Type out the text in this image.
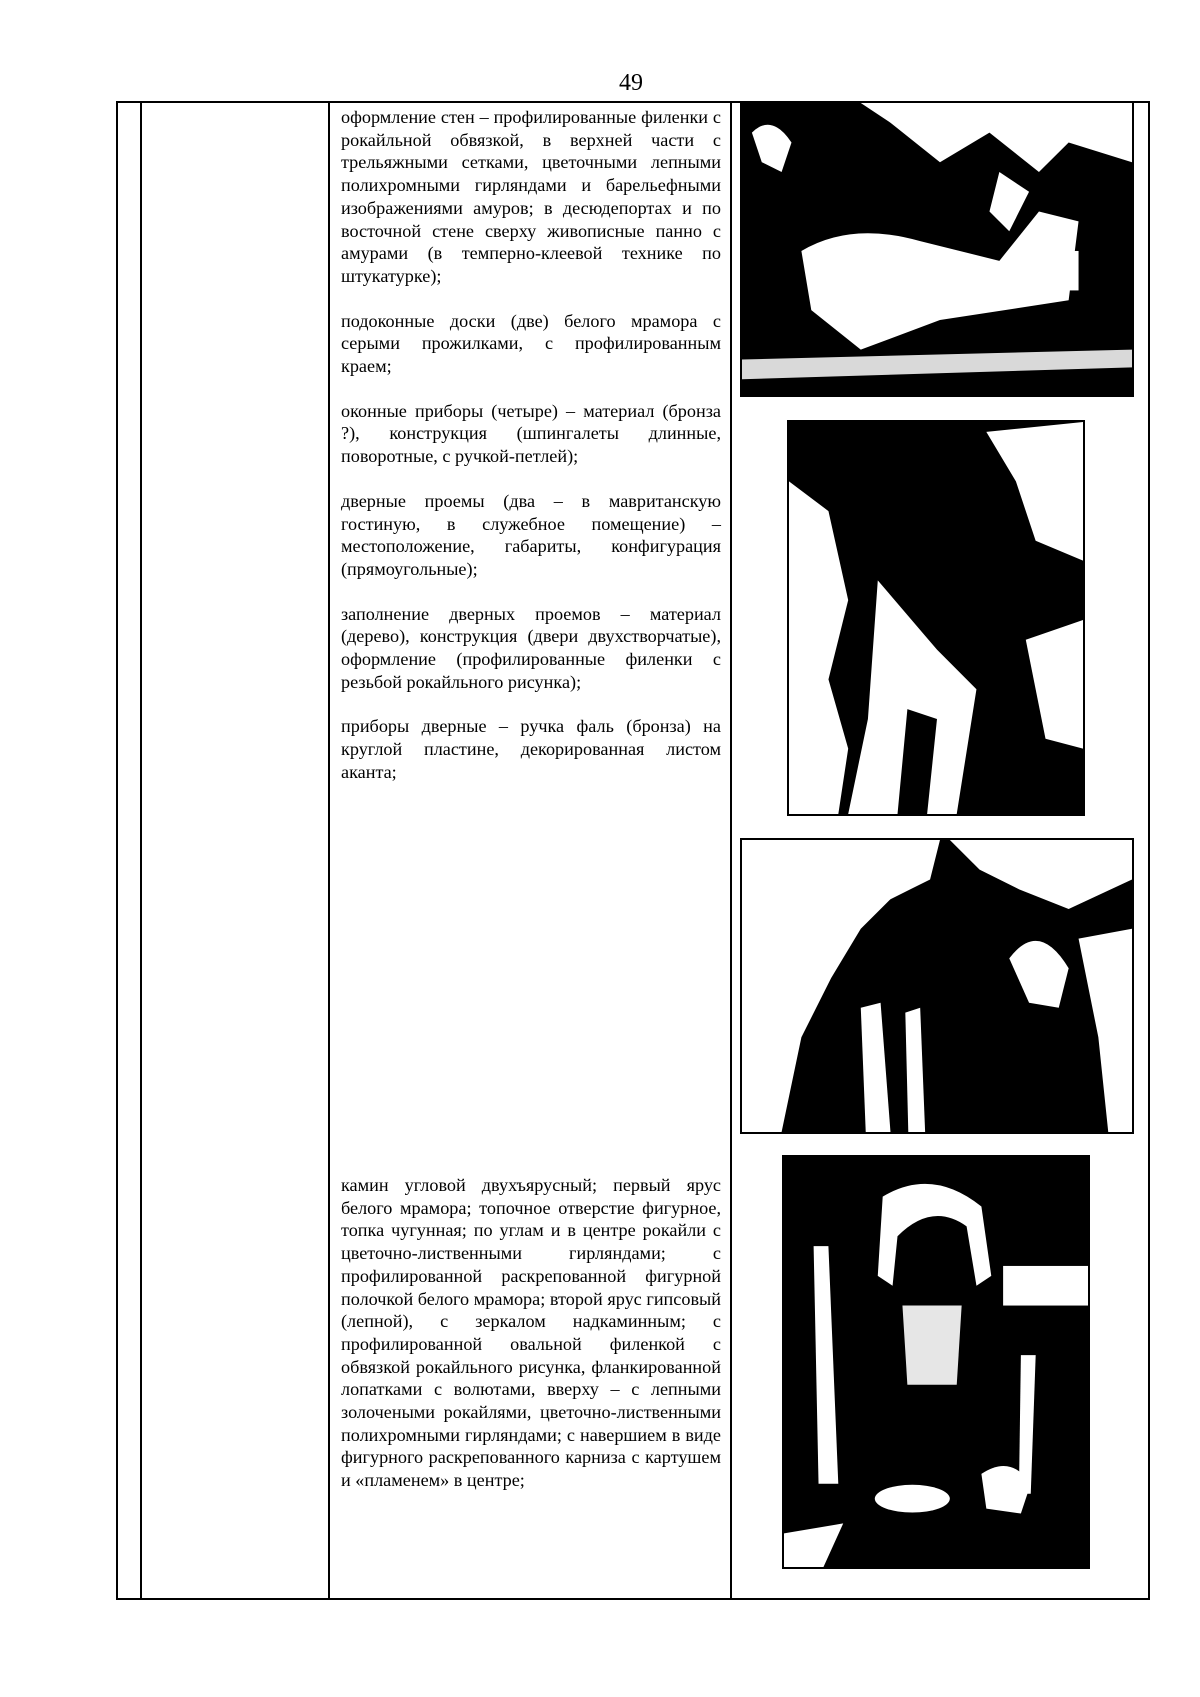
49

оформление стен – профилированные филенки с рокайльной обвязкой, в верхней части с трельяжными сетками, цветочными лепными полихромными гирляндами и барельефными изображениями амуров; в десюдепортах и по восточной стене сверху живописные панно с амурами (в темперно-клеевой технике по штукатурке);

подоконные доски (две) белого мрамора с серыми прожилками, с профилированным краем;

оконные приборы (четыре) – материал (бронза ?), конструкция (шпингалеты длинные, поворотные, с ручкой-петлей);

дверные проемы (два – в мавританскую гостиную, в служебное помещение) – местоположение, габариты, конфигурация (прямоугольные);

заполнение дверных проемов – материал (дерево), конструкция (двери двухстворчатые), оформление (профилированные филенки с резьбой рокайльного рисунка);

приборы дверные – ручка фаль (бронза) на круглой пластине, декорированная листом аканта;

камин угловой двухъярусный; первый ярус белого мрамора; топочное отверстие фигурное, топка чугунная; по углам и в центре рокайли с цветочно-лиственными гирляндами; с профилированной раскрепованной фигурной полочкой белого мрамора; второй ярус гипсовый (лепной), с зеркалом надкаминным; с профилированной овальной филенкой с обвязкой рокайльного рисунка, фланкированной лопатками с волютами, вверху – с лепными золочеными рокайлями, цветочно-лиственными полихромными гирляндами; с навершием в виде фигурного раскрепованного карниза с картушем и «пламенем» в центре;
